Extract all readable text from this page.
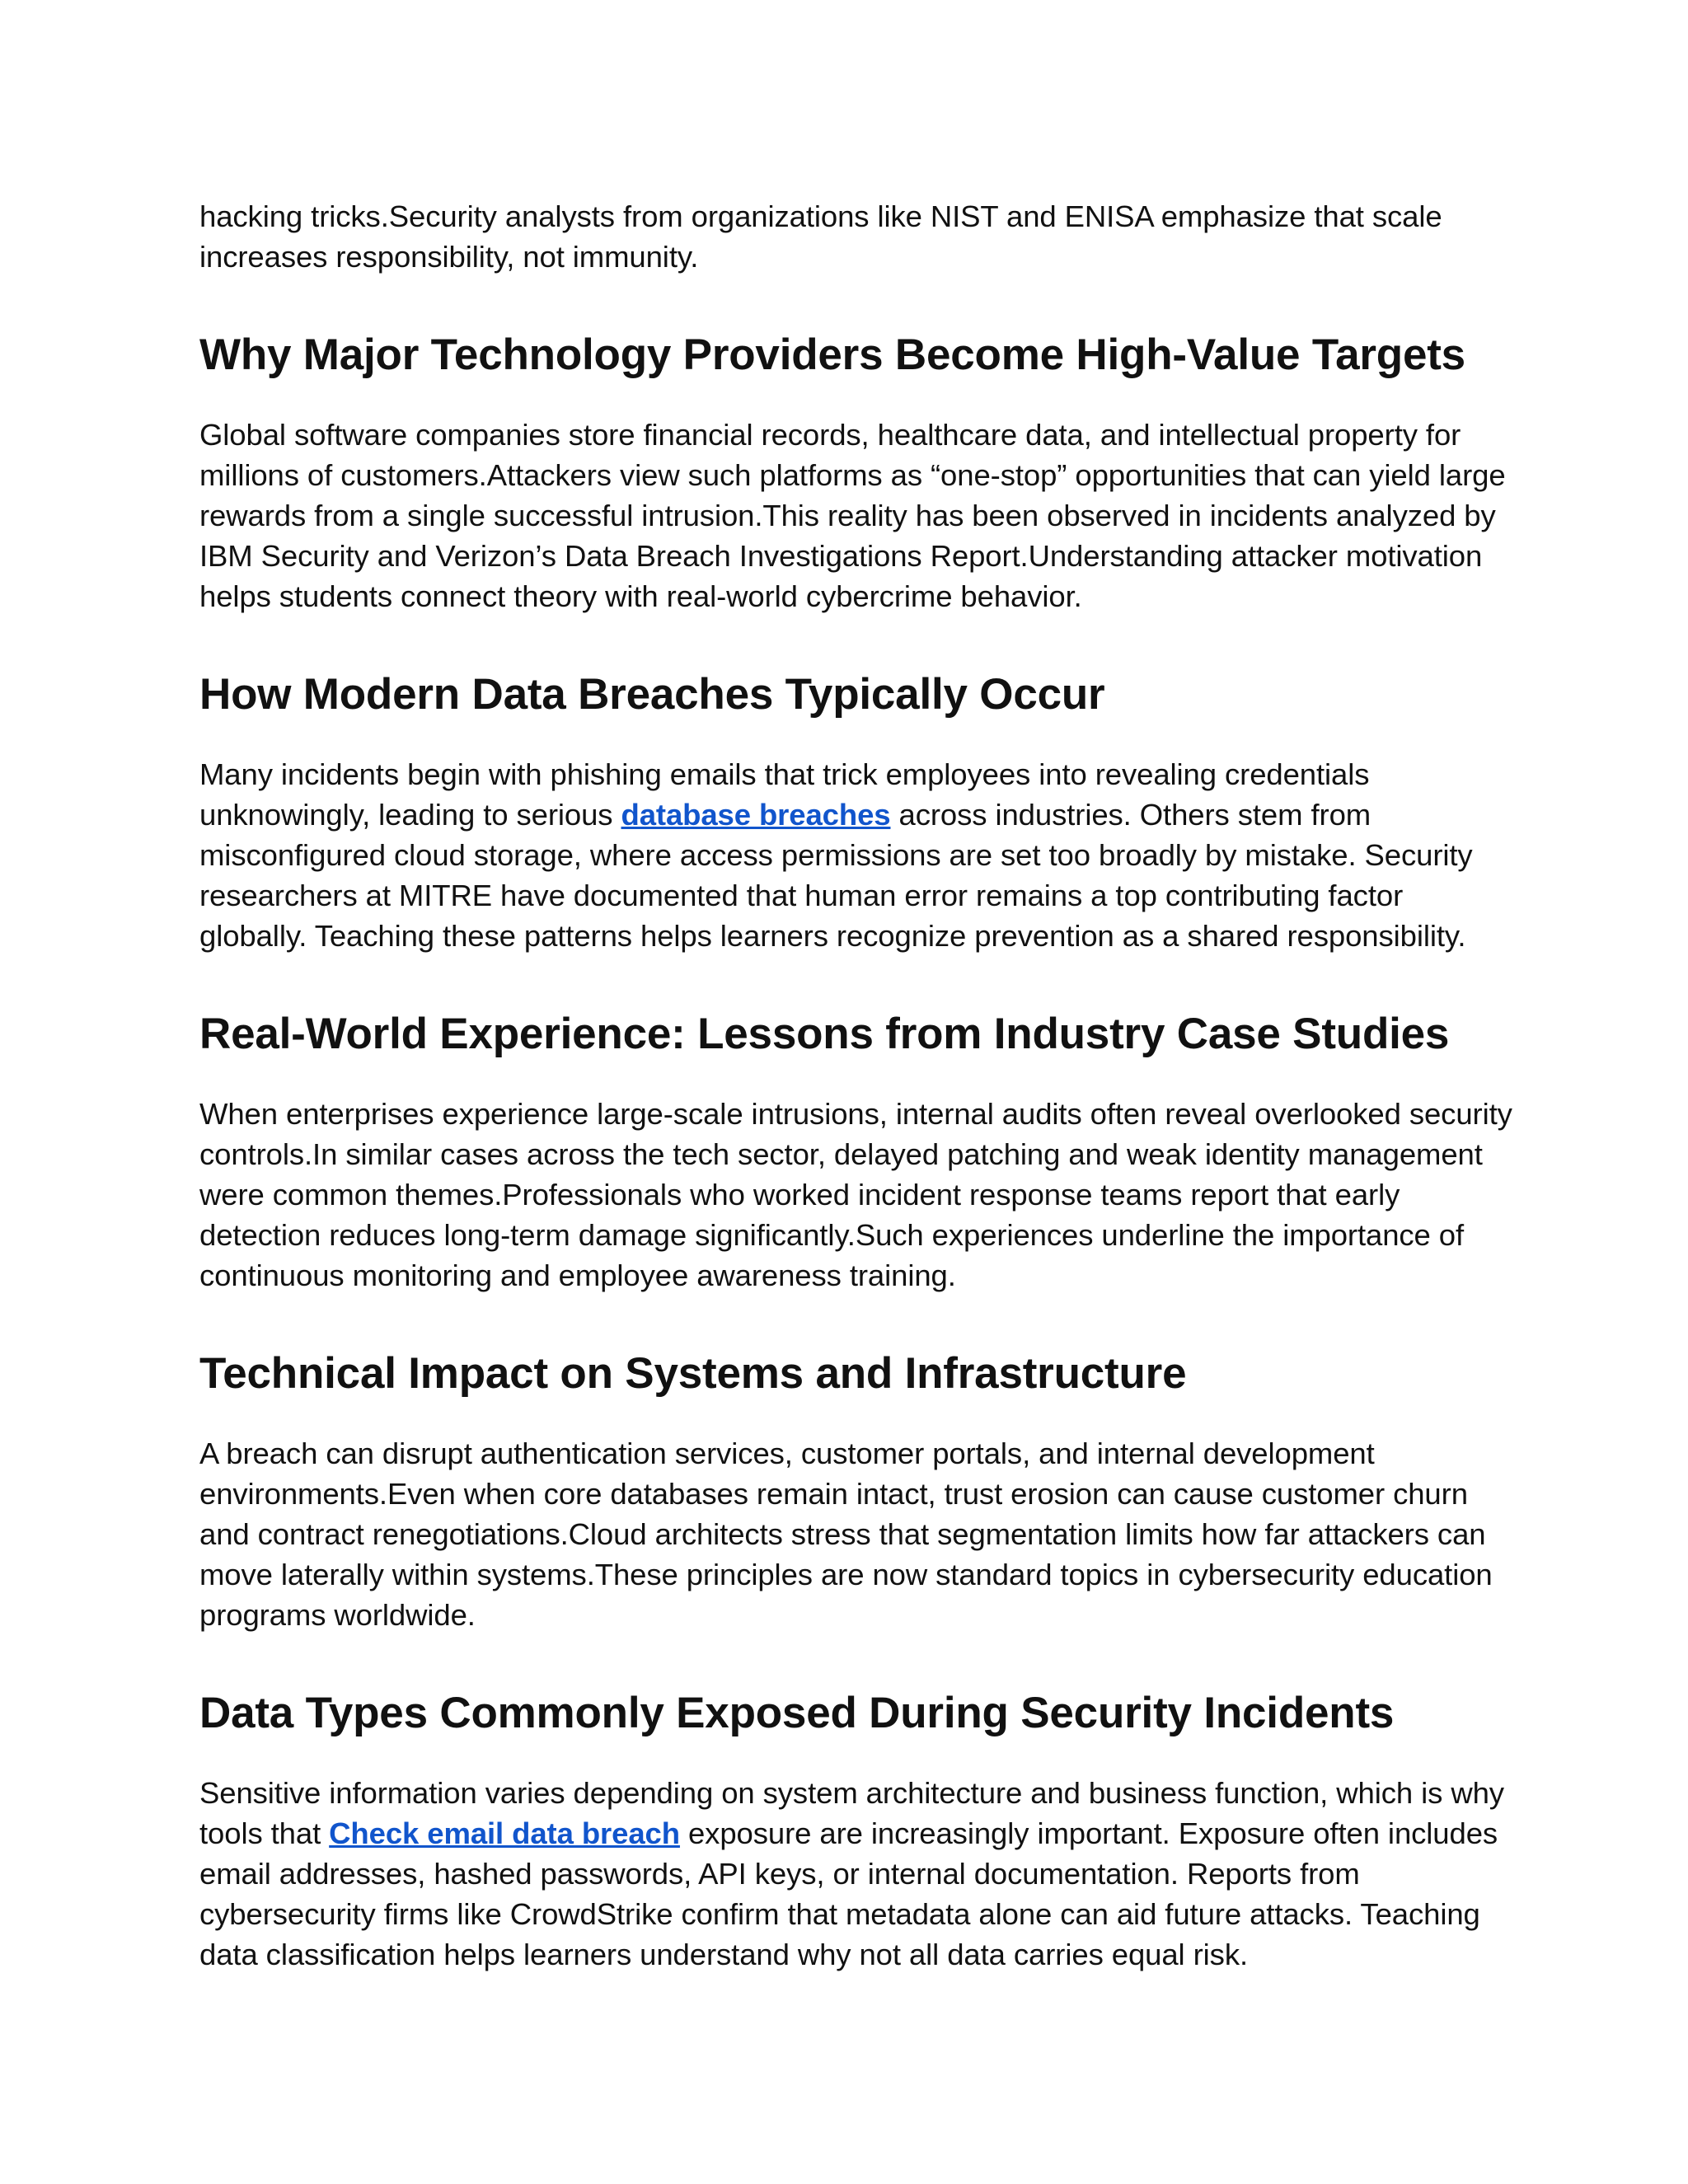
hacking tricks.Security analysts from organizations like NIST and ENISA emphasize that scale increases responsibility, not immunity.

Why Major Technology Providers Become High-Value Targets

Global software companies store financial records, healthcare data, and intellectual property for millions of customers.Attackers view such platforms as “one-stop” opportunities that can yield large rewards from a single successful intrusion.This reality has been observed in incidents analyzed by IBM Security and Verizon’s Data Breach Investigations Report.Understanding attacker motivation helps students connect theory with real-world cybercrime behavior.

How Modern Data Breaches Typically Occur

Many incidents begin with phishing emails that trick employees into revealing credentials unknowingly, leading to serious database breaches across industries. Others stem from misconfigured cloud storage, where access permissions are set too broadly by mistake. Security researchers at MITRE have documented that human error remains a top contributing factor globally. Teaching these patterns helps learners recognize prevention as a shared responsibility.

Real-World Experience: Lessons from Industry Case Studies

When enterprises experience large-scale intrusions, internal audits often reveal overlooked security controls.In similar cases across the tech sector, delayed patching and weak identity management were common themes.Professionals who worked incident response teams report that early detection reduces long-term damage significantly.Such experiences underline the importance of continuous monitoring and employee awareness training.

Technical Impact on Systems and Infrastructure

A breach can disrupt authentication services, customer portals, and internal development environments.Even when core databases remain intact, trust erosion can cause customer churn and contract renegotiations.Cloud architects stress that segmentation limits how far attackers can move laterally within systems.These principles are now standard topics in cybersecurity education programs worldwide.

Data Types Commonly Exposed During Security Incidents

Sensitive information varies depending on system architecture and business function, which is why tools that Check email data breach exposure are increasingly important. Exposure often includes email addresses, hashed passwords, API keys, or internal documentation. Reports from cybersecurity firms like CrowdStrike confirm that metadata alone can aid future attacks. Teaching data classification helps learners understand why not all data carries equal risk.
